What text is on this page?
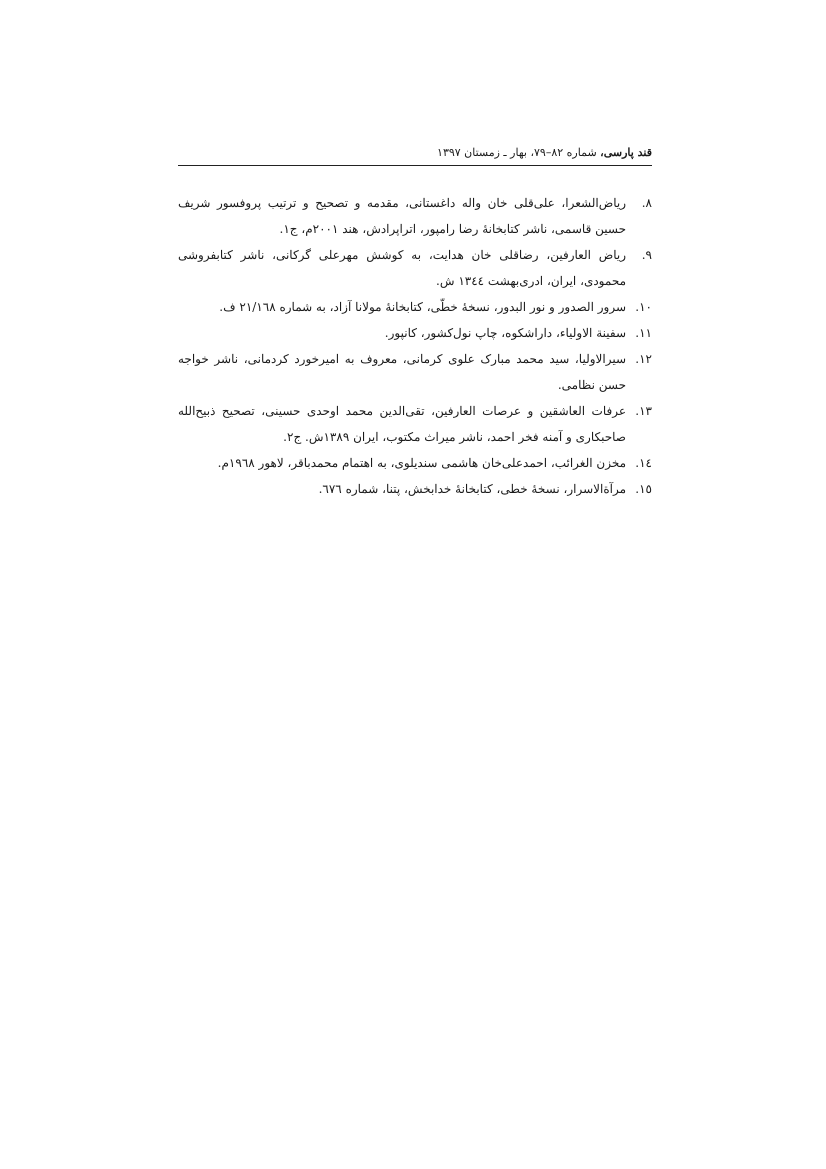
قند پارسی، شماره ۸۲–۷۹، بهار ـ زمستان ۱۳۹۷
۸.
ریاض‌الشعرا، علی‌قلی خان واله داغستانی، مقدمه و تصحیح و ترتیب پروفسور شریف حسین قاسمی، ناشر کتابخانهٔ رضا رامپور، اتراپرادش، هند ۲۰۰۱م، ج۱.
۹.
ریاض العارفین، رضاقلی خان هدایت، به کوشش مهرعلی گرکانی، ناشر کتابفروشی محمودی، ایران، ادری‌بهشت ۱۳٤٤ ش.
۱۰.
سرور الصدور و نور البدور، نسخهٔ خطّی، کتابخانهٔ مولانا آزاد، به شماره ۲۱/۱٦۸ ف.
۱۱.
سفینة الاولیاء، داراشکوه، چاپ نول‌کشور، کانپور.
۱۲.
سیرالاولیا، سید محمد مبارک علوی کرمانی، معروف به امیرخورد کردمانی، ناشر خواجه حسن نظامی.
۱۳.
عرفات العاشقین و عرصات العارفین، تقی‌الدین محمد اوحدی حسینی، تصحیح ذبیح‌الله صاحبکاری و آمنه فخر احمد، ناشر میراث مکتوب، ایران ۱۳۸۹ش. ج۲.
۱٤.
مخزن الغرائب، احمدعلی‌خان هاشمی سندیلوی، به اهتمام محمدباقر، لاهور ۱۹٦۸م.
۱٥.
مرآةالاسرار، نسخهٔ خطی، کتابخانهٔ خدابخش، پتنا، شماره ٦٧٦.
